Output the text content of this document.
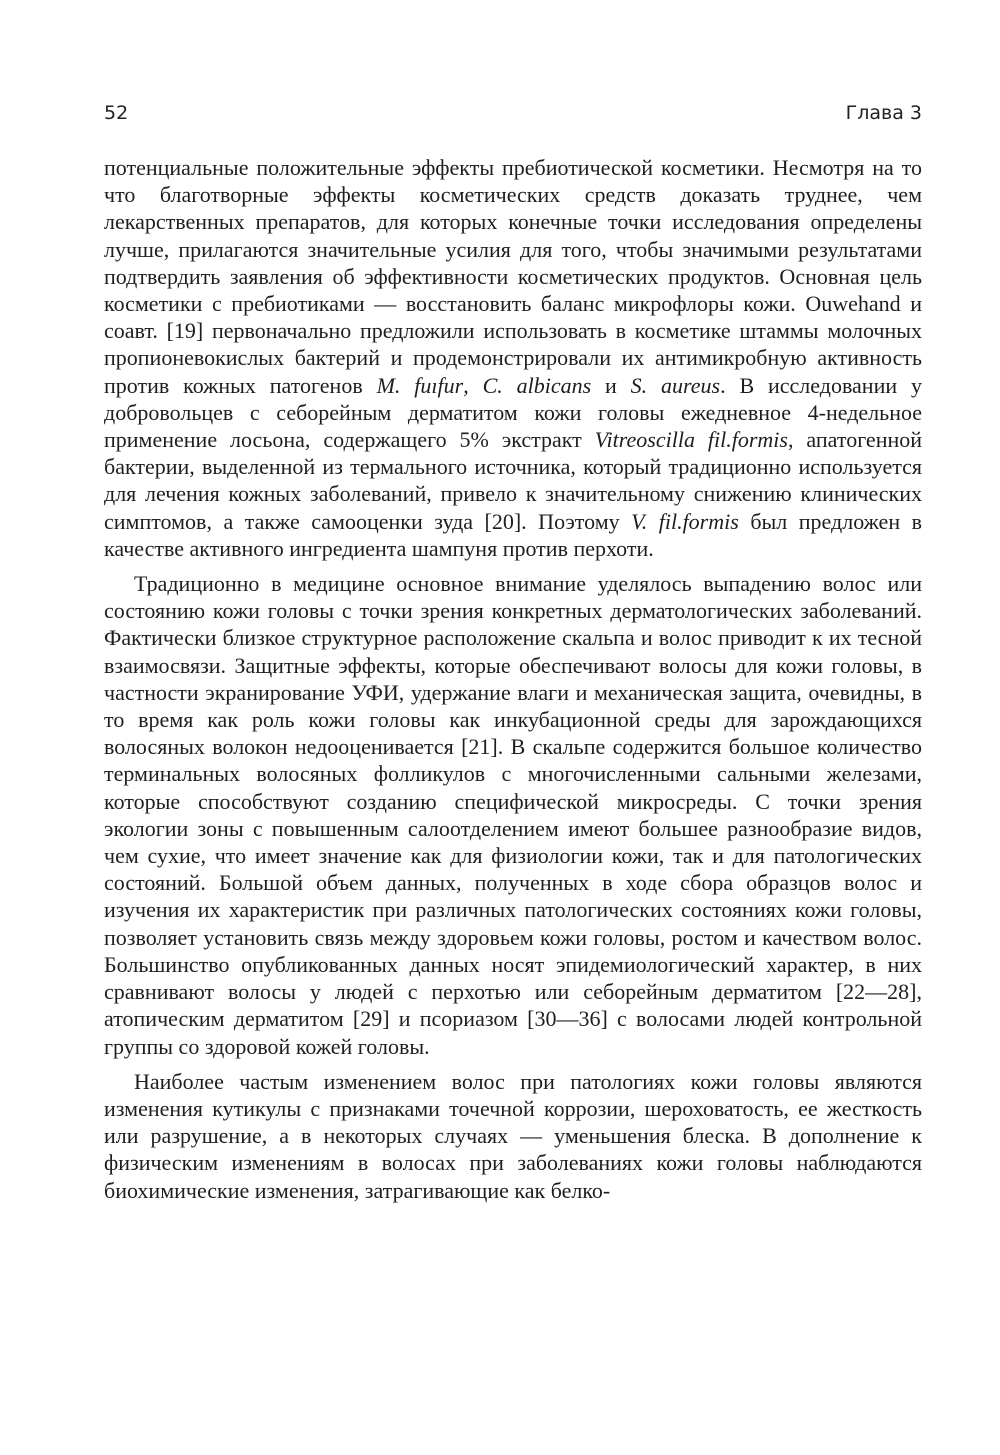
52	Глава 3

потенциальные положительные эффекты пребиотической косметики. Несмотря на то что благотворные эффекты косметических средств доказать труднее, чем лекарственных препаратов, для которых конечные точки исследования определены лучше, прилагаются значительные усилия для того, чтобы значимыми результатами подтвердить заявления об эффективности косметических продуктов. Основная цель косметики с пребиотиками — восстановить баланс микрофлоры кожи. Ouwehand и соавт. [19] первоначально предложили использовать в косметике штаммы молочных пропионевокислых бактерий и продемонстрировали их антимикробную активность против кожных патогенов M. fuıfur, C. albicans и S. aureus. В исследовании у добровольцев с себорейным дерматитом кожи головы ежедневное 4-недельное применение лосьона, содержащего 5% экстракт Vitreoscilla fil.formis, апатогенной бактерии, выделенной из термального источника, который традиционно используется для лечения кожных заболеваний, привело к значительному снижению клинических симптомов, а также самооценки зуда [20]. Поэтому V. fil.formis был предложен в качестве активного ингредиента шампуня против перхоти.

Традиционно в медицине основное внимание уделялось выпадению волос или состоянию кожи головы с точки зрения конкретных дерматологических заболеваний. Фактически близкое структурное расположение скальпа и волос приводит к их тесной взаимосвязи. Защитные эффекты, которые обеспечивают волосы для кожи головы, в частности экранирование УФИ, удержание влаги и механическая защита, очевидны, в то время как роль кожи головы как инкубационной среды для зарождающихся волосяных волокон недооценивается [21]. В скальпе содержится большое количество терминальных волосяных фолликулов с многочисленными сальными железами, которые способствуют созданию специфической микросреды. С точки зрения экологии зоны с повышенным салоотделением имеют большее разнообразие видов, чем сухие, что имеет значение как для физиологии кожи, так и для патологических состояний. Большой объем данных, полученных в ходе сбора образцов волос и изучения их характеристик при различных патологических состояниях кожи головы, позволяет установить связь между здоровьем кожи головы, ростом и качеством волос. Большинство опубликованных данных носят эпидемиологический характер, в них сравнивают волосы у людей с перхотью или себорейным дерматитом [22—28], атопическим дерматитом [29] и псориазом [30—36] с волосами людей контрольной группы со здоровой кожей головы.

Наиболее частым изменением волос при патологиях кожи головы являются изменения кутикулы с признаками точечной коррозии, шероховатость, ее жесткость или разрушение, а в некоторых случаях — уменьшения блеска. В дополнение к физическим изменениям в волосах при заболеваниях кожи головы наблюдаются биохимические изменения, затрагивающие как белко-
